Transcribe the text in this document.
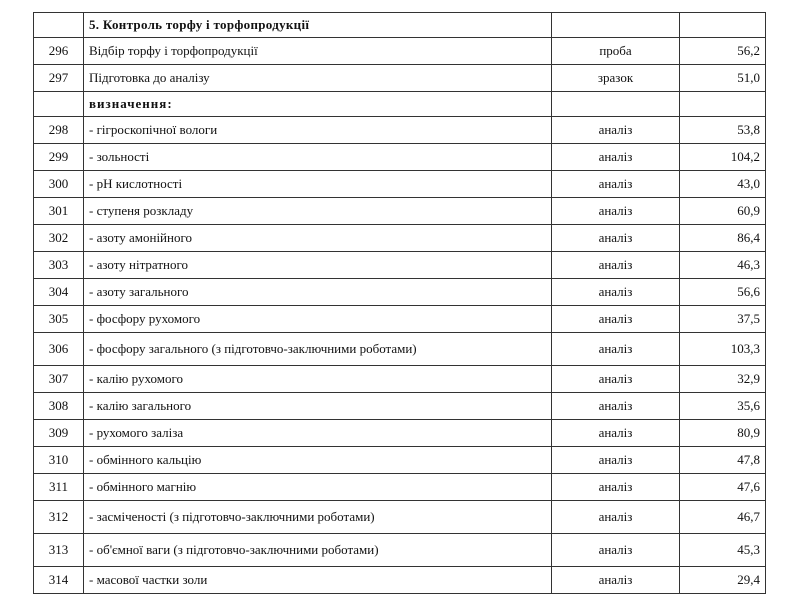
	5. Контроль торфу і торфопродукції		
296	Відбір торфу і торфопродукції	проба	56,2
297	Підготовка до аналізу	зразок	51,0
	визначення:		
298	- гігроскопічної вологи	аналіз	53,8
299	- зольності	аналіз	104,2
300	- рН кислотності	аналіз	43,0
301	- ступеня розкладу	аналіз	60,9
302	- азоту амонійного	аналіз	86,4
303	- азоту нітратного	аналіз	46,3
304	- азоту загального	аналіз	56,6
305	- фосфору рухомого	аналіз	37,5
306	- фосфору загального (з підготовчо-заключними роботами)	аналіз	103,3
307	- калію рухомого	аналіз	32,9
308	- калію загального	аналіз	35,6
309	- рухомого заліза	аналіз	80,9
310	- обмінного кальцію	аналіз	47,8
311	- обмінного магнію	аналіз	47,6
312	- засміченості (з підготовчо-заключними роботами)	аналіз	46,7
313	- об'ємної ваги (з підготовчо-заключними роботами)	аналіз	45,3
314	- масової частки золи	аналіз	29,4
